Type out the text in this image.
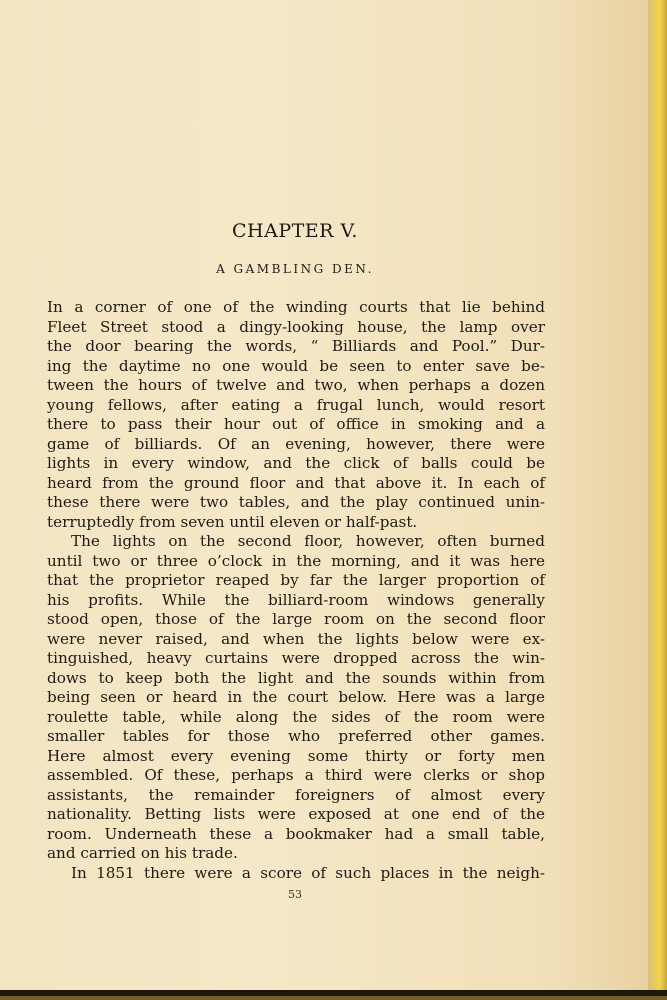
CHAPTER V.
A GAMBLING DEN.
In a corner of one of the winding courts that lie behind
Fleet Street stood a dingy-looking house, the lamp over
the door bearing the words, “ Billiards and Pool.” Dur-
ing the daytime no one would be seen to enter save be-
tween the hours of twelve and two, when perhaps a dozen
young fellows, after eating a frugal lunch, would resort
there to pass their hour out of office in smoking and a
game of billiards. Of an evening, however, there were
lights in every window, and the click of balls could be
heard from the ground floor and that above it. In each of
these there were two tables, and the play continued unin-
terruptedly from seven until eleven or half-past.
The lights on the second floor, however, often burned
until two or three o’clock in the morning, and it was here
that the proprietor reaped by far the larger proportion of
his profits. While the billiard-room windows generally
stood open, those of the large room on the second floor
were never raised, and when the lights below were ex-
tinguished, heavy curtains were dropped across the win-
dows to keep both the light and the sounds within from
being seen or heard in the court below. Here was a large
roulette table, while along the sides of the room were
smaller tables for those who preferred other games.
Here almost every evening some thirty or forty men
assembled. Of these, perhaps a third were clerks or shop
assistants, the remainder foreigners of almost every
nationality. Betting lists were exposed at one end of the
room. Underneath these a bookmaker had a small table,
and carried on his trade.
In 1851 there were a score of such places in the neigh-
53
